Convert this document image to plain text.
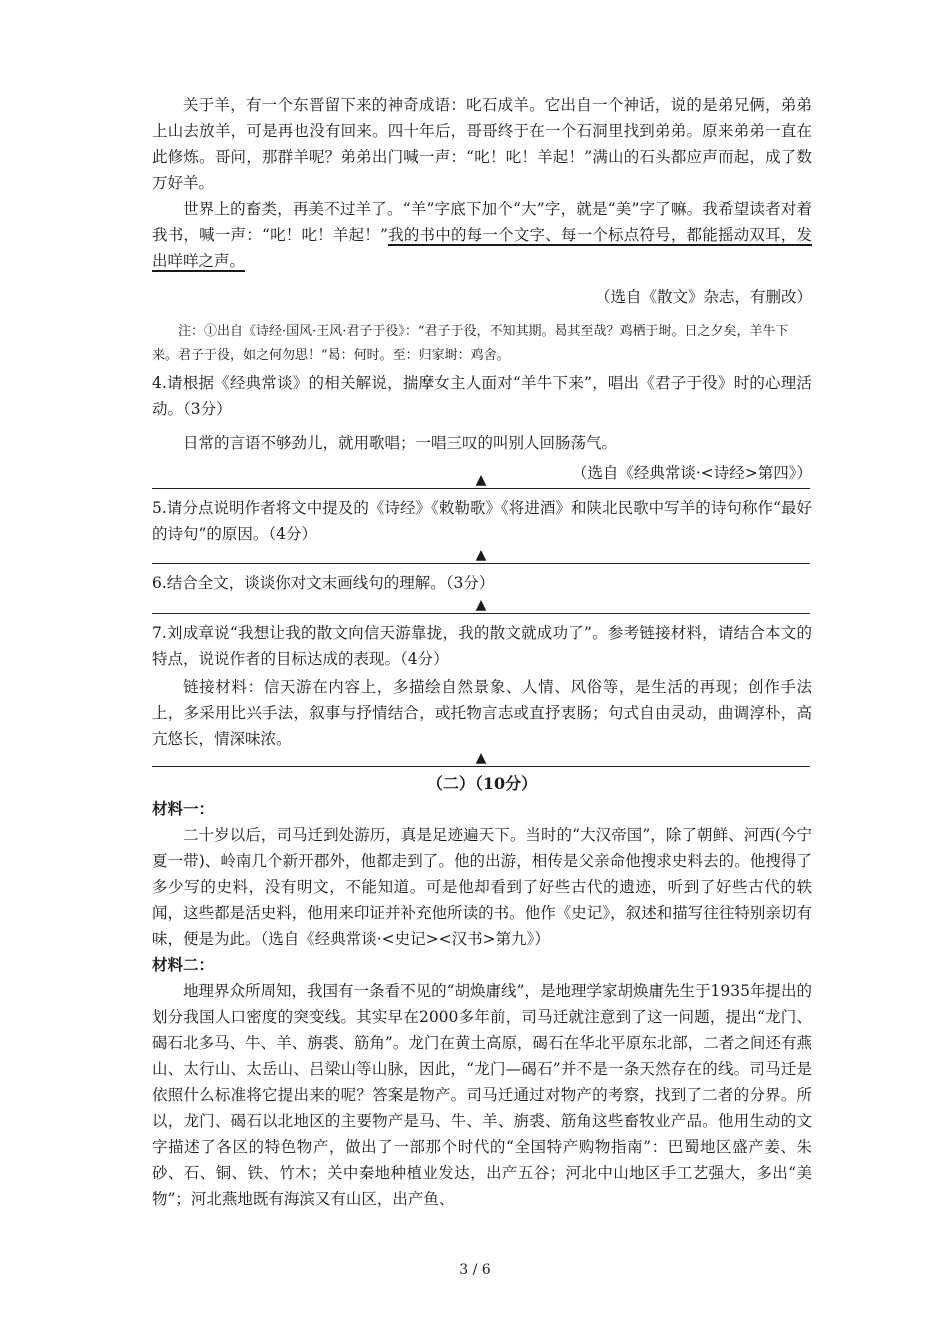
关于羊，有一个东晋留下来的神奇成语：叱石成羊。它出自一个神话，说的是弟兄俩，弟弟上山去放羊，可是再也没有回来。四十年后，哥哥终于在一个石洞里找到弟弟。原来弟弟一直在此修炼。哥问，那群羊呢？弟弟出门喊一声：“叱！叱！羊起！”满山的石头都应声而起，成了数万好羊。

世界上的畜类，再美不过羊了。“羊”字底下加个“大”字，就是“美”字了嘛。我希望读者对着我书，喊一声：“叱！叱！羊起！”我的书中的每一个文字、每一个标点符号，都能摇动双耳，发出咩咩之声。

（选自《散文》杂志，有删改）

注：①出自《诗经·国风·王风·君子于役》：“君子于役，不知其期。曷其至哉？鸡栖于埘。日之夕矣，羊牛下来。君子于役，如之何勿思！”曷：何时。至：归家埘：鸡舍。

4.请根据《经典常谈》的相关解说，揣摩女主人面对“羊牛下来”，唱出《君子于役》时的心理活动。（3分）

日常的言语不够劲儿，就用歌唱；一唱三叹的叫别人回肠荡气。

（选自《经典常谈·<诗经>第四》）
▲

5.请分点说明作者将文中提及的《诗经》《敕勒歌》《将进酒》和陕北民歌中写羊的诗句称作“最好的诗句”的原因。（4分）

▲

6.结合全文，谈谈你对文末画线句的理解。（3分）

▲

7.刘成章说“我想让我的散文向信天游靠拢，我的散文就成功了”。参考链接材料，请结合本文的特点，说说作者的目标达成的表现。（4分）

链接材料：信天游在内容上，多描绘自然景象、人情、风俗等，是生活的再现；创作手法上，多采用比兴手法，叙事与抒情结合，或托物言志或直抒衷肠；句式自由灵动，曲调淳朴，高亢悠长，情深味浓。

▲
（二）（10分）

材料一：

二十岁以后，司马迁到处游历，真是足迹遍天下。当时的“大汉帝国”，除了朝鲜、河西(今宁夏一带)、岭南几个新开郡外，他都走到了。他的出游，相传是父亲命他搜求史料去的。他搜得了多少写的史料，没有明文，不能知道。可是他却看到了好些古代的遗迹，听到了好些古代的轶闻，这些都是活史料，他用来印证并补充他所读的书。他作《史记》，叙述和描写往往特别亲切有味，便是为此。（选自《经典常谈·<史记><汉书>第九》）

材料二：

地理界众所周知，我国有一条看不见的“胡焕庸线”，是地理学家胡焕庸先生于1935年提出的划分我国人口密度的突变线。其实早在2000多年前，司马迁就注意到了这一问题，提出“龙门、碣石北多马、牛、羊、旃裘、筋角”。龙门在黄土高原，碣石在华北平原东北部，二者之间还有燕山、太行山、太岳山、吕梁山等山脉，因此，“龙门—碣石”并不是一条天然存在的线。司马迁是依照什么标准将它提出来的呢？答案是物产。司马迁通过对物产的考察，找到了二者的分界。所以，龙门、碣石以北地区的主要物产是马、牛、羊、旃裘、筋角这些畜牧业产品。他用生动的文字描述了各区的特色物产，做出了一部那个时代的“全国特产购物指南”：巴蜀地区盛产姜、朱砂、石、铜、铁、竹木；关中秦地种植业发达，出产五谷；河北中山地区手工艺强大，多出“美物”；河北燕地既有海滨又有山区，出产鱼、

3 / 6
